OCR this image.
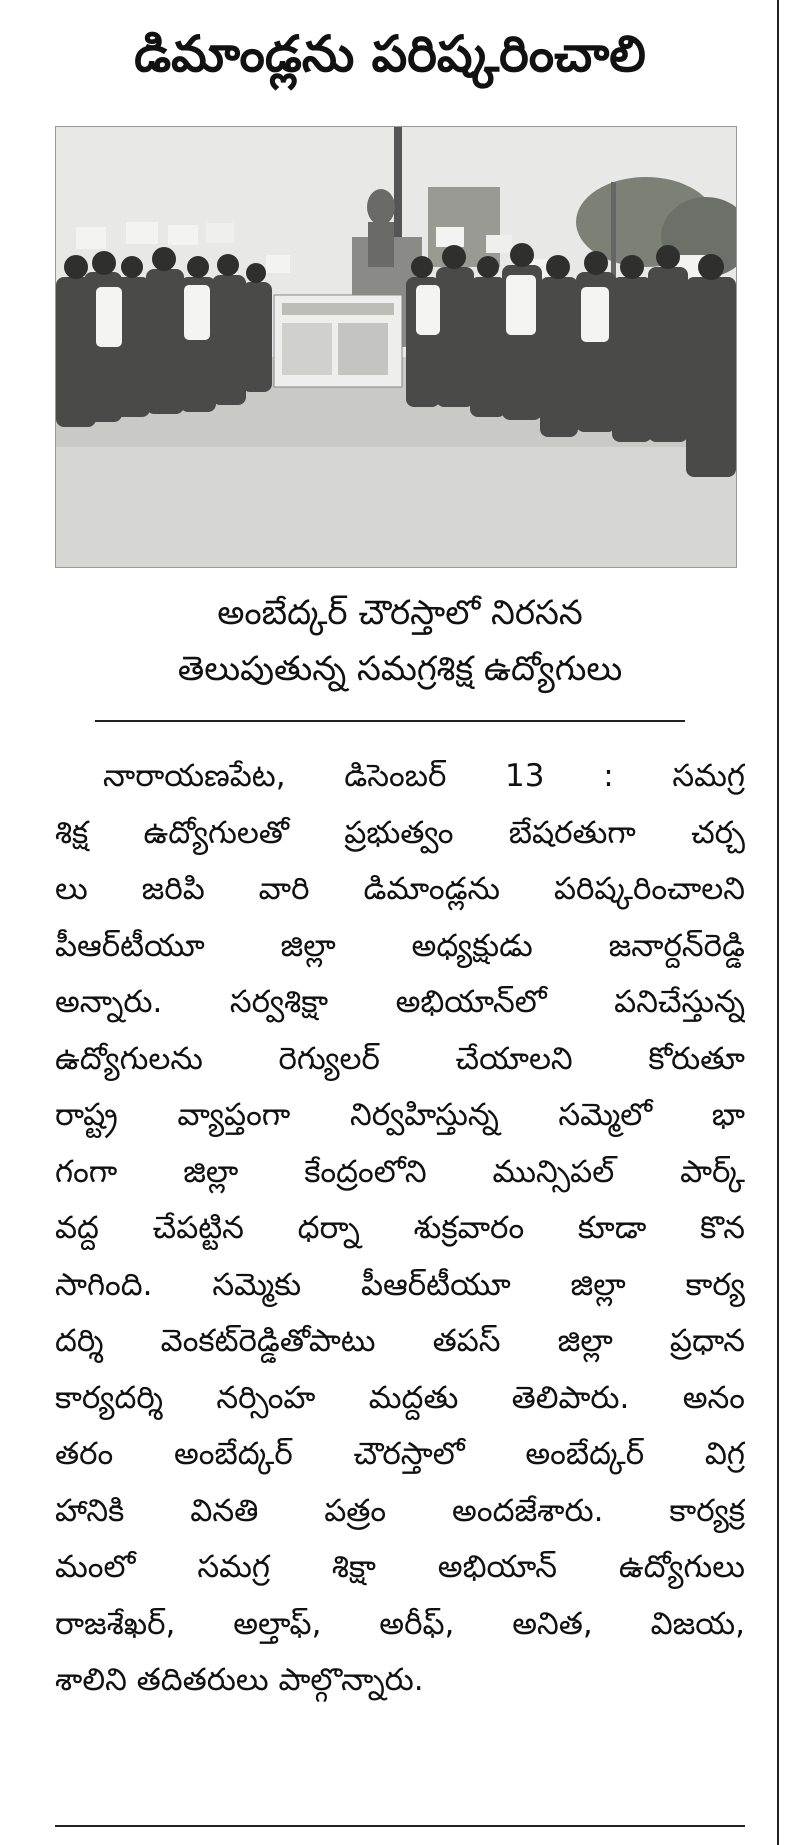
డిమాండ్లను పరిష్కరించాలి
అంబేద్కర్ చౌరస్తాలో నిరసన
తెలుపుతున్న సమగ్రశిక్ష ఉద్యోగులు
నారాయణపేట, డిసెంబర్ 13 : సమగ్ర
శిక్ష ఉద్యోగులతో ప్రభుత్వం బేషరతుగా చర్చ
లు జరిపి వారి డిమాండ్లను పరిష్కరించాలని
పీఆర్‌టీయూ జిల్లా అధ్యక్షుడు జనార్దన్‌రెడ్డి
అన్నారు. సర్వశిక్షా అభియాన్‌లో పనిచేస్తున్న
ఉద్యోగులను రెగ్యులర్ చేయాలని కోరుతూ
రాష్ట్ర వ్యాప్తంగా నిర్వహిస్తున్న సమ్మెలో భా
గంగా జిల్లా కేంద్రంలోని మున్సిపల్ పార్క్
వద్ద చేపట్టిన ధర్నా శుక్రవారం కూడా కొన
సాగింది. సమ్మెకు పీఆర్‌టీయూ జిల్లా కార్య
దర్శి వెంకట్‌రెడ్డితోపాటు తపస్ జిల్లా ప్రధాన
కార్యదర్శి నర్సింహ మద్దతు తెలిపారు. అనం
తరం అంబేద్కర్ చౌరస్తాలో అంబేద్కర్ విగ్ర
హానికి వినతి పత్రం అందజేశారు. కార్యక్ర
మంలో సమగ్ర శిక్షా అభియాన్ ఉద్యోగులు
రాజశేఖర్, అల్తాఫ్, అరీఫ్, అనిత, విజయ,
శాలిని తదితరులు పాల్గొన్నారు.
